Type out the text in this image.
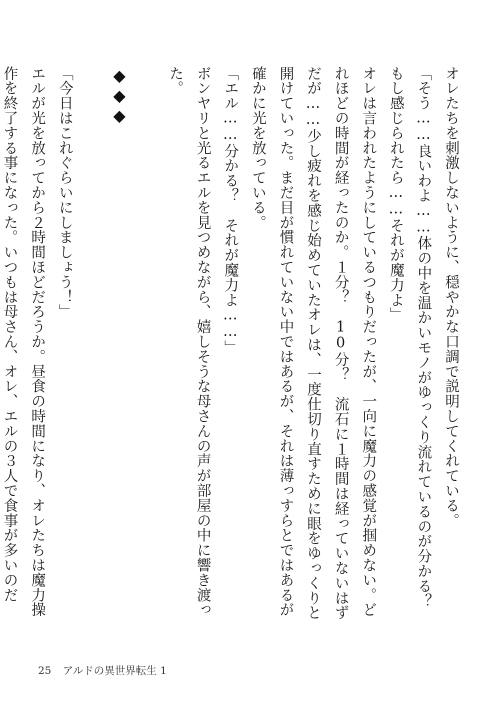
オレたちを刺激しないように、穏やかな口調で説明してくれている。

「そう……良いわよ……体の中を温かいモノがゆっくり流れているのが分かる？　もし感じられたら……それが魔力よ」

オレは言われたようにしているつもりだったが、一向に魔力の感覚が掴めない。どれほどの時間が経ったのか。１分？　10分？　流石に１時間は経っていないはずだが……少し疲れを感じ始めていたオレは、一度仕切り直すために眼をゆっくりと開けていった。まだ目が慣れていない中ではあるが、それは薄っすらとではあるが確かに光を放っている。

「エル……分かる？　それが魔力よ……」

ボンヤリと光るエルを見つめながら、嬉しそうな母さんの声が部屋の中に響き渡った。

◆◆◆

「今日はこれぐらいにしましょう！」

エルが光を放ってから２時間ほどだろうか。昼食の時間になり、オレたちは魔力操作を終了する事になった。いつもは母さん、オレ、エルの３人で食事が多いのだ

25 アルドの異世界転生 1
